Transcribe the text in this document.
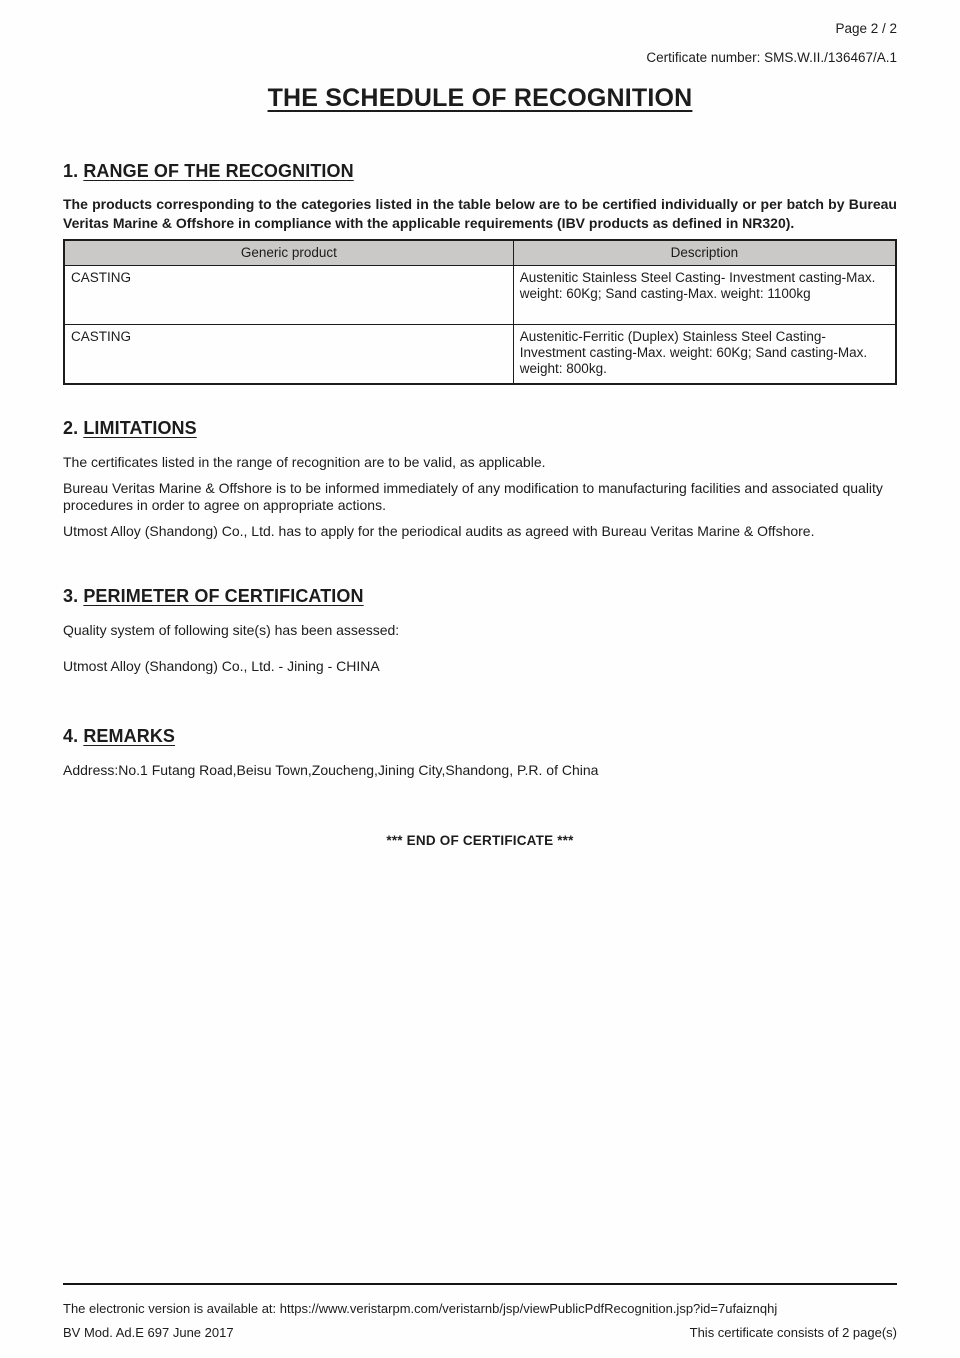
Page 2 / 2
Certificate number: SMS.W.II./136467/A.1
THE SCHEDULE OF RECOGNITION
1. RANGE OF THE RECOGNITION

The products corresponding to the categories listed in the table below are to be certified individually or per batch by Bureau Veritas Marine & Offshore in compliance with the applicable requirements (IBV products as defined in NR320).

Generic product	Description
CASTING	Austenitic Stainless Steel Casting- Investment casting-Max. weight: 60Kg; Sand casting-Max. weight: 1100kg
CASTING	Austenitic-Ferritic (Duplex) Stainless Steel Casting- Investment casting-Max. weight: 60Kg; Sand casting-Max. weight: 800kg.
2. LIMITATIONS

The certificates listed in the range of recognition are to be valid, as applicable.

Bureau Veritas Marine & Offshore is to be informed immediately of any modification to manufacturing facilities and associated quality procedures in order to agree on appropriate actions.

Utmost Alloy (Shandong) Co., Ltd. has to apply for the periodical audits as agreed with Bureau Veritas Marine & Offshore.

3. PERIMETER OF CERTIFICATION

Quality system of following site(s) has been assessed:

Utmost Alloy (Shandong) Co., Ltd. - Jining - CHINA

4. REMARKS

Address:No.1 Futang Road,Beisu Town,Zoucheng,Jining City,Shandong, P.R. of China

*** END OF CERTIFICATE ***
The electronic version is available at: https://www.veristarpm.com/veristarnb/jsp/viewPublicPdfRecognition.jsp?id=7ufaiznqhj
BV Mod. Ad.E 697 June 2017	This certificate consists of 2 page(s)
